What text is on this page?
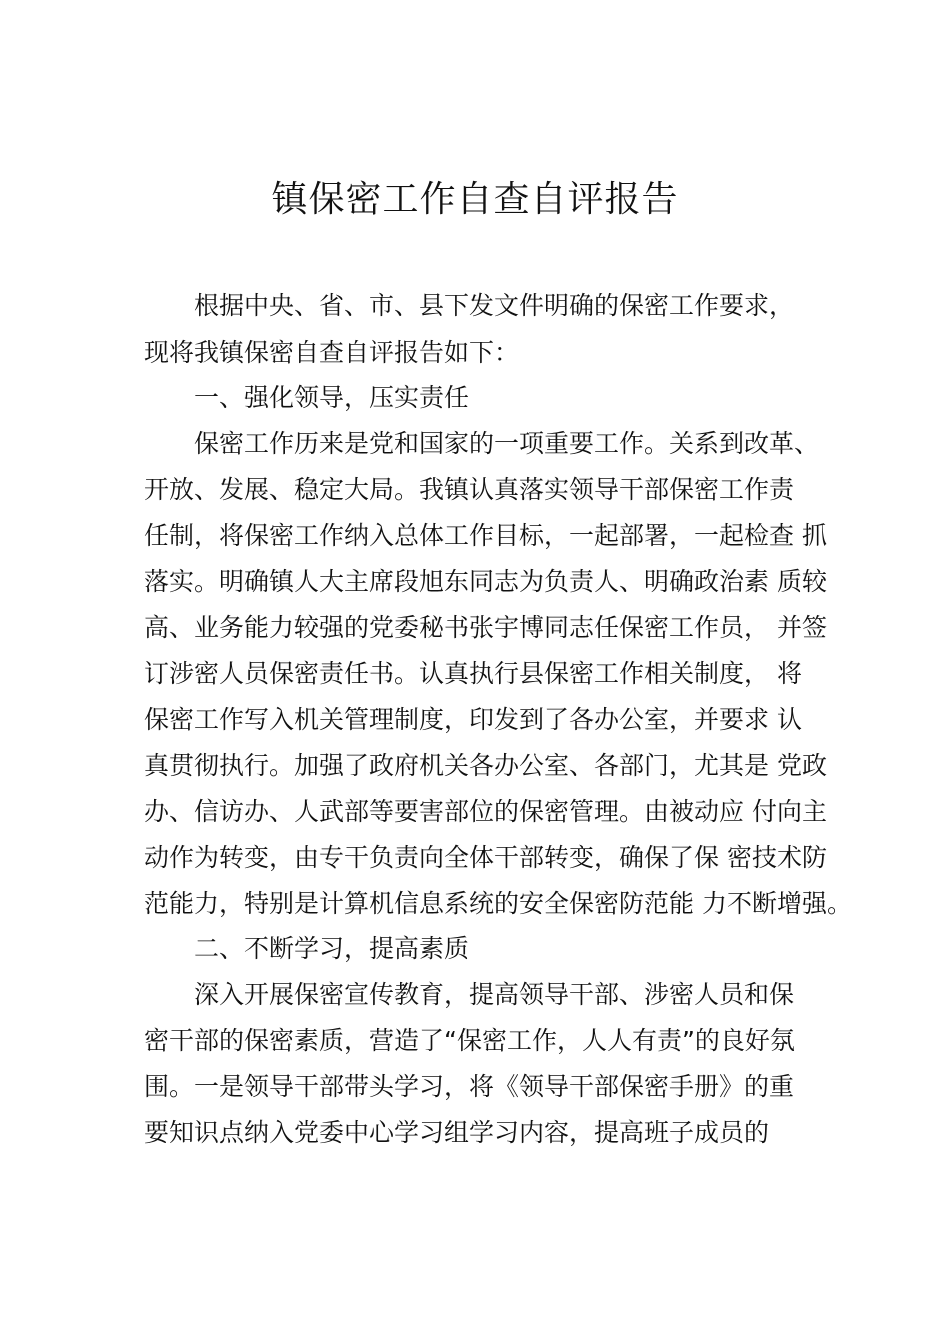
镇保密工作自查自评报告
根据中央、省、市、县下发文件明确的保密工作要求，
现将我镇保密自查自评报告如下：
一、强化领导，压实责任
保密工作历来是党和国家的一项重要工作。关系到改革、
开放、发展、稳定大局。我镇认真落实领导干部保密工作责
任制，将保密工作纳入总体工作目标，一起部署，一起检查 抓
落实。明确镇人大主席段旭东同志为负责人、明确政治素 质较
高、业务能力较强的党委秘书张宇博同志任保密工作员， 并签
订涉密人员保密责任书。认真执行县保密工作相关制度， 将
保密工作写入机关管理制度，印发到了各办公室，并要求 认
真贯彻执行。加强了政府机关各办公室、各部门，尤其是 党政
办、信访办、人武部等要害部位的保密管理。由被动应 付向主
动作为转变，由专干负责向全体干部转变，确保了保 密技术防
范能力，特别是计算机信息系统的安全保密防范能 力不断增强。
二、不断学习，提高素质
深入开展保密宣传教育，提高领导干部、涉密人员和保
密干部的保密素质，营造了“保密工作，人人有责”的良好氛
围。一是领导干部带头学习，将《领导干部保密手册》的重
要知识点纳入党委中心学习组学习内容，提高班子成员的
